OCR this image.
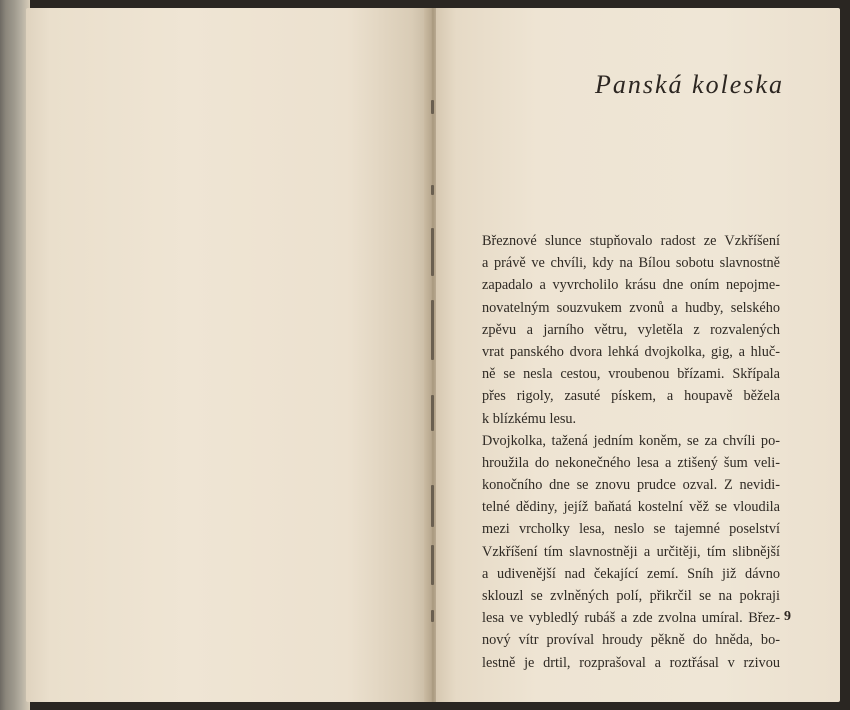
Panská koleska
Březnové slunce stupňovalo radost ze Vzkříšení
a právě ve chvíli, kdy na Bílou sobotu slavnostně
zapadalo a vyvrcholilo krásu dne oním nepojme-
novatelným souzvukem zvonů a hudby, selského
zpěvu a jarního větru, vyletěla z rozvalených
vrat panského dvora lehká dvojkolka, gig, a hluč-
ně se nesla cestou, vroubenou břízami. Skřípala
přes rigoly, zasuté pískem, a houpavě běžela
k blízkému lesu.
Dvojkolka, tažená jedním koněm, se za chvíli po-
hroužila do nekonečného lesa a ztišený šum veli-
konočního dne se znovu prudce ozval. Z nevidi-
telné dědiny, jejíž baňatá kostelní věž se vloudila
mezi vrcholky lesa, neslo se tajemné poselství
Vzkříšení tím slavnostněji a určitěji, tím slibnější
a udivenější nad čekající zemí. Sníh již dávno
sklouzl se zvlněných polí, přikrčil se na pokraji
lesa ve vybledlý rubáš a zde zvolna umíral. Břez-
nový vítr províval hroudy pěkně do hněda, bo-
lestně je drtil, rozprašoval a roztřásal v rzivou
9
